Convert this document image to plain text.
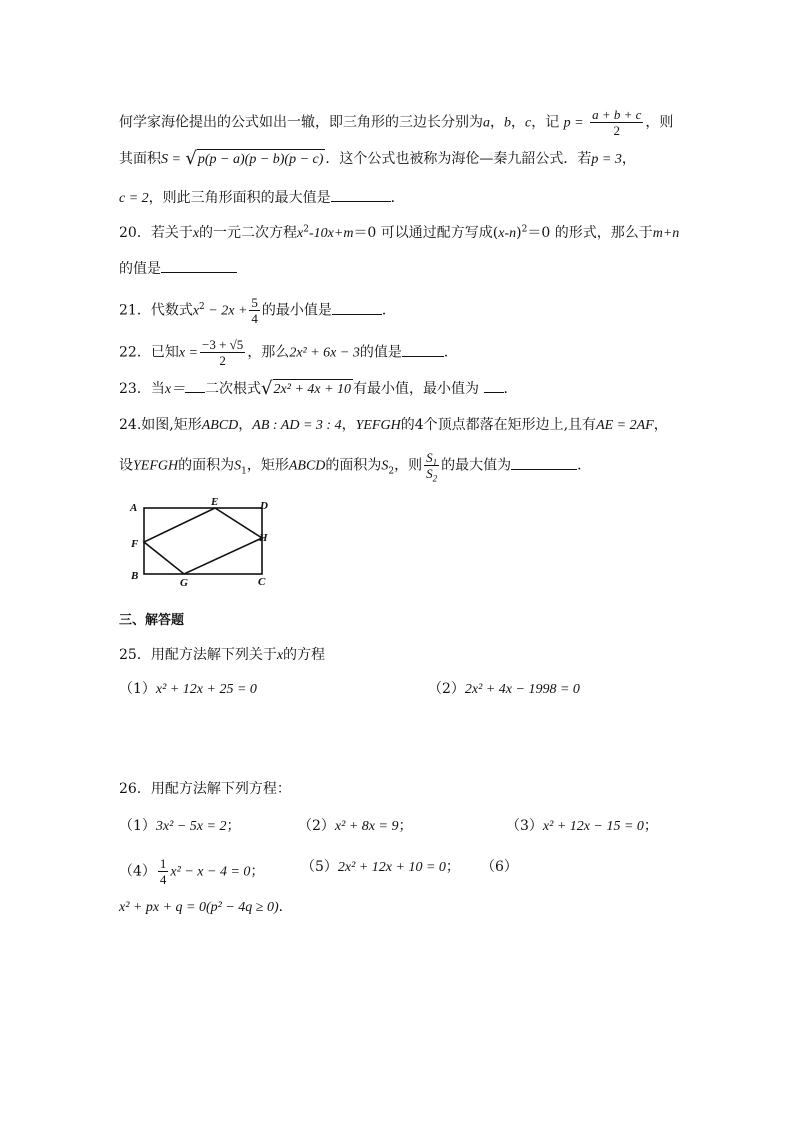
何学家海伦提出的公式如出一辙，即三角形的三边长分别为a，b，c，记 $p = \frac{a + b + c}{2}$ ，则
其面积S = √ p(p − a)(p − b)(p − c) ．这个公式也被称为海伦—秦九韶公式．若p = 3，
c = 2，则此三角形面积的最大值是	．
20．若关于x的一元二次方程$x^2-10x+m=0$ 可以通过配方写成$(x-n)^2=0$ 的形式，那么于m+n
的值是
21．代数式$x^2 - 2x + \frac{5}{4}$ 的最小值是	．
22．已知$x = \frac{-3 + √5}{2}$ ，那么2x² + 6x − 3的值是	．
23．当x＝ 二次根式 √ 2x² + 4x + 10 有最小值，最小值为 ．
24.如图,矩形ABCD，AB : AD = 3 : 4，YEFGH的4个顶点都落在矩形边上,且有AE = 2AF，
设YEFGH的面积为$S_1$，矩形ABCD的面积为$S_2$，则 $\frac{S_1}{S_2}$ 的最大值为	．
A
B	C
D
E
F
G
H
三、解答题
25．用配方法解下列关于x的方程
（1）x² + 12x + 25 = 0	（2）2x² + 4x − 1998 = 0
26．用配方法解下列方程：
（1）3x² − 5x = 2；	（2）x² + 8x = 9；	（3）x² + 12x − 15 = 0；
$(4) \frac{1}{4} x^2 - x - 4 = 0$；	（5）2x² + 12x + 10 = 0； （6）
x² + px + q = 0(p² − 4q ≥ 0)．
